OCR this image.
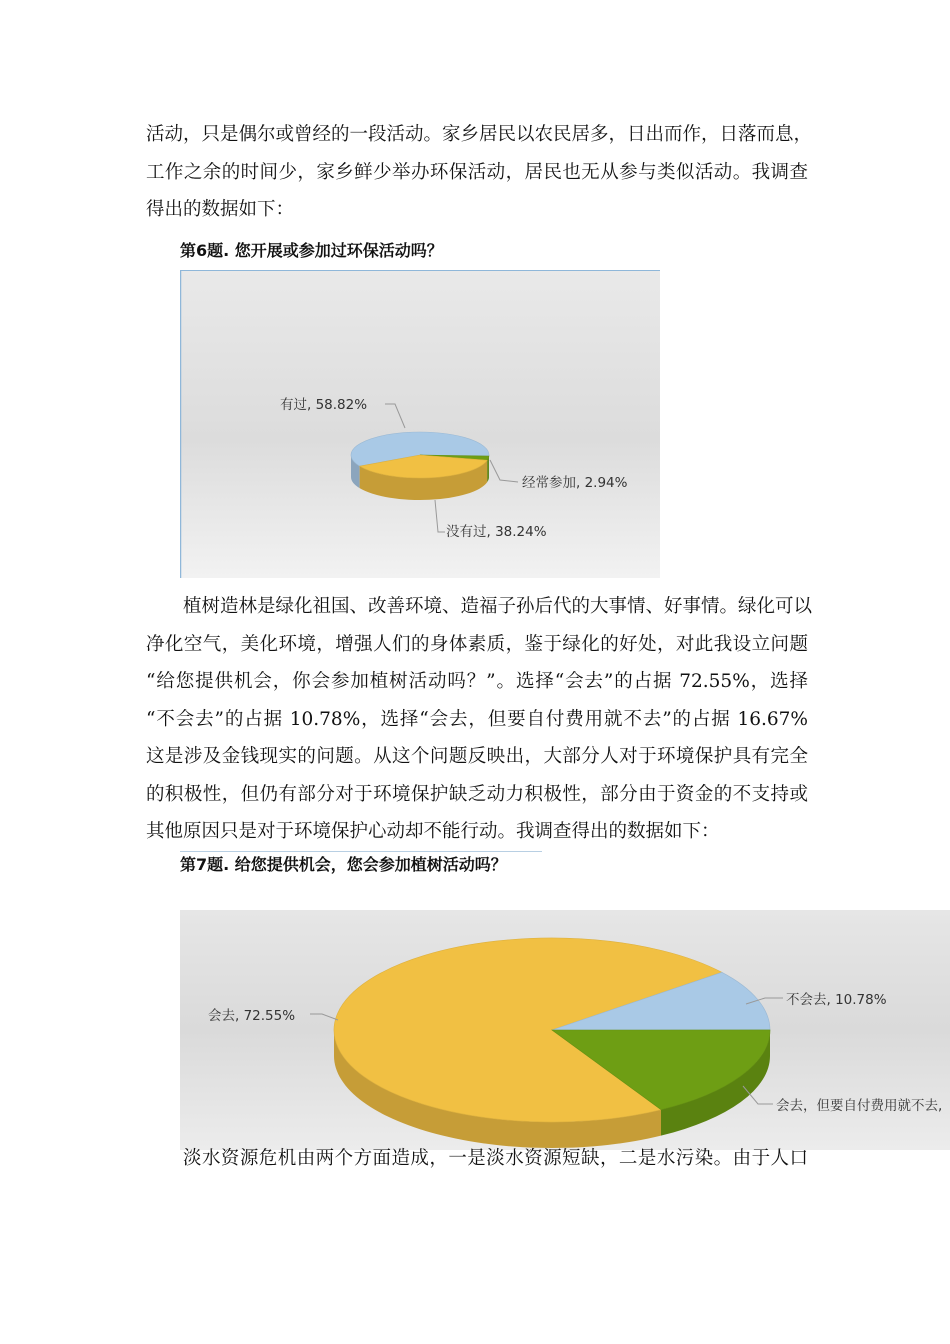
活动，只是偶尔或曾经的一段活动。家乡居民以农民居多，日出而作，日落而息，
工作之余的时间少，家乡鲜少举办环保活动，居民也无从参与类似活动。我调查
得出的数据如下：
第6题. 您开展或参加过环保活动吗？
有过, 58.82%
经常参加, 2.94%
没有过, 38.24%
植树造林是绿化祖国、改善环境、造福子孙后代的大事情、好事情。绿化可以
净化空气，美化环境，增强人们的身体素质，鉴于绿化的好处，对此我设立问题
“给您提供机会，你会参加植树活动吗？”。选择“会去”的占据 72.55%，选择
“不会去”的占据 10.78%，选择“会去，但要自付费用就不去”的占据 16.67%
这是涉及金钱现实的问题。从这个问题反映出，大部分人对于环境保护具有完全
的积极性，但仍有部分对于环境保护缺乏动力积极性，部分由于资金的不支持或
其他原因只是对于环境保护心动却不能行动。我调查得出的数据如下：
第7题. 给您提供机会，您会参加植树活动吗？
会去, 72.55%
不会去, 10.78%
会去，但要自付费用就不去,
淡水资源危机由两个方面造成，一是淡水资源短缺，二是水污染。由于人口
